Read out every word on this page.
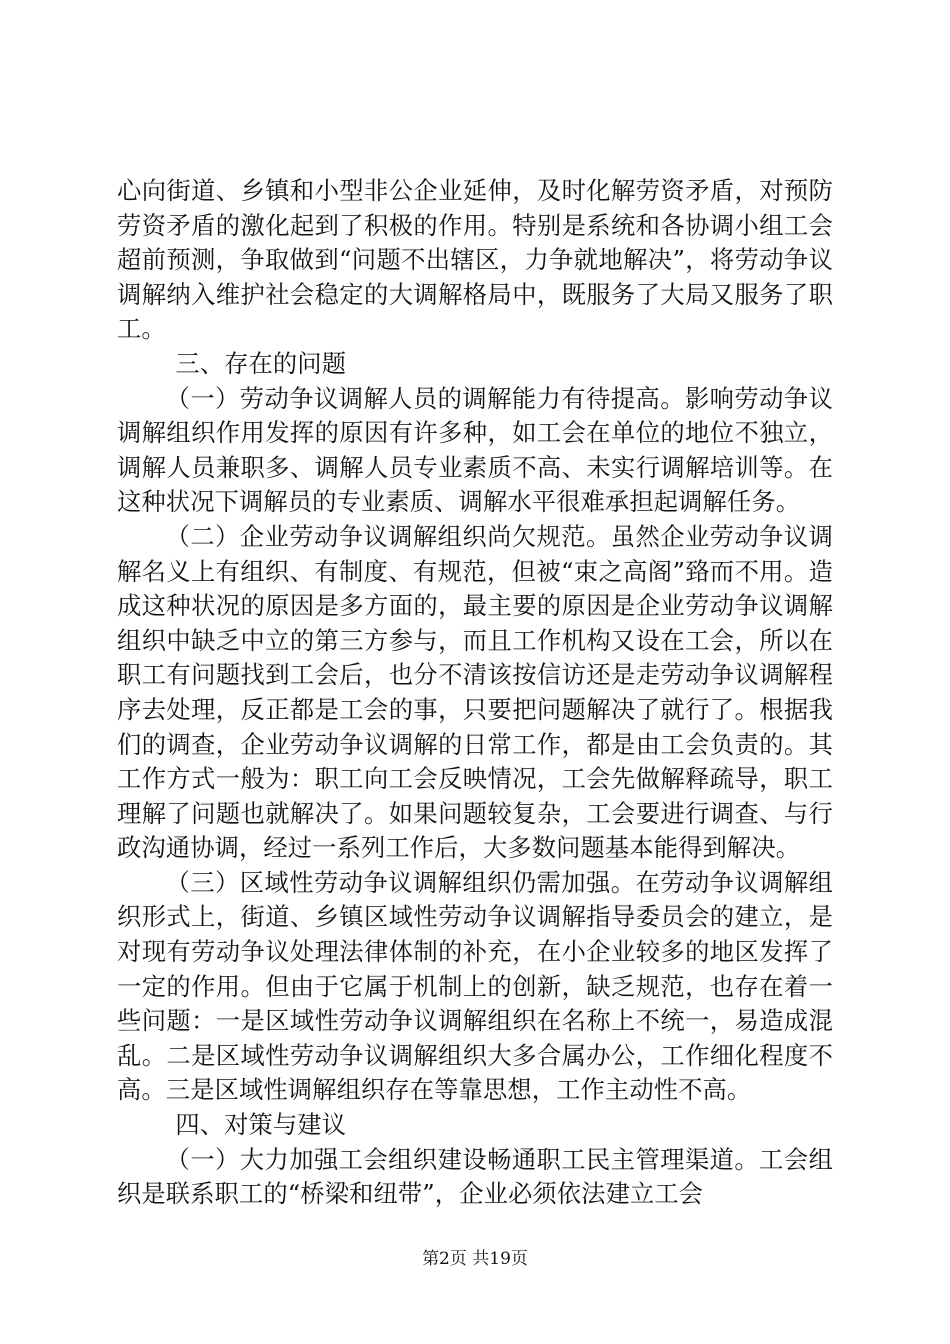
心向街道、乡镇和小型非公企业延伸，及时化解劳资矛盾，对预防劳资矛盾的激化起到了积极的作用。特别是系统和各协调小组工会超前预测，争取做到“问题不出辖区，力争就地解决”，将劳动争议调解纳入维护社会稳定的大调解格局中，既服务了大局又服务了职工。

三、存在的问题

（一）劳动争议调解人员的调解能力有待提高。影响劳动争议调解组织作用发挥的原因有许多种，如工会在单位的地位不独立，调解人员兼职多、调解人员专业素质不高、未实行调解培训等。在这种状况下调解员的专业素质、调解水平很难承担起调解任务。

（二）企业劳动争议调解组织尚欠规范。虽然企业劳动争议调解名义上有组织、有制度、有规范，但被“束之高阁”臵而不用。造成这种状况的原因是多方面的，最主要的原因是企业劳动争议调解组织中缺乏中立的第三方参与，而且工作机构又设在工会，所以在职工有问题找到工会后，也分不清该按信访还是走劳动争议调解程序去处理，反正都是工会的事，只要把问题解决了就行了。根据我们的调查，企业劳动争议调解的日常工作，都是由工会负责的。其工作方式一般为：职工向工会反映情况，工会先做解释疏导，职工理解了问题也就解决了。如果问题较复杂，工会要进行调查、与行政沟通协调，经过一系列工作后，大多数问题基本能得到解决。

（三）区域性劳动争议调解组织仍需加强。在劳动争议调解组织形式上，街道、乡镇区域性劳动争议调解指导委员会的建立，是对现有劳动争议处理法律体制的补充，在小企业较多的地区发挥了一定的作用。但由于它属于机制上的创新，缺乏规范，也存在着一些问题：一是区域性劳动争议调解组织在名称上不统一，易造成混乱。二是区域性劳动争议调解组织大多合属办公，工作细化程度不高。三是区域性调解组织存在等靠思想，工作主动性不高。

四、对策与建议

（一）大力加强工会组织建设畅通职工民主管理渠道。工会组织是联系职工的“桥梁和纽带”，企业必须依法建立工会

第2页 共19页
